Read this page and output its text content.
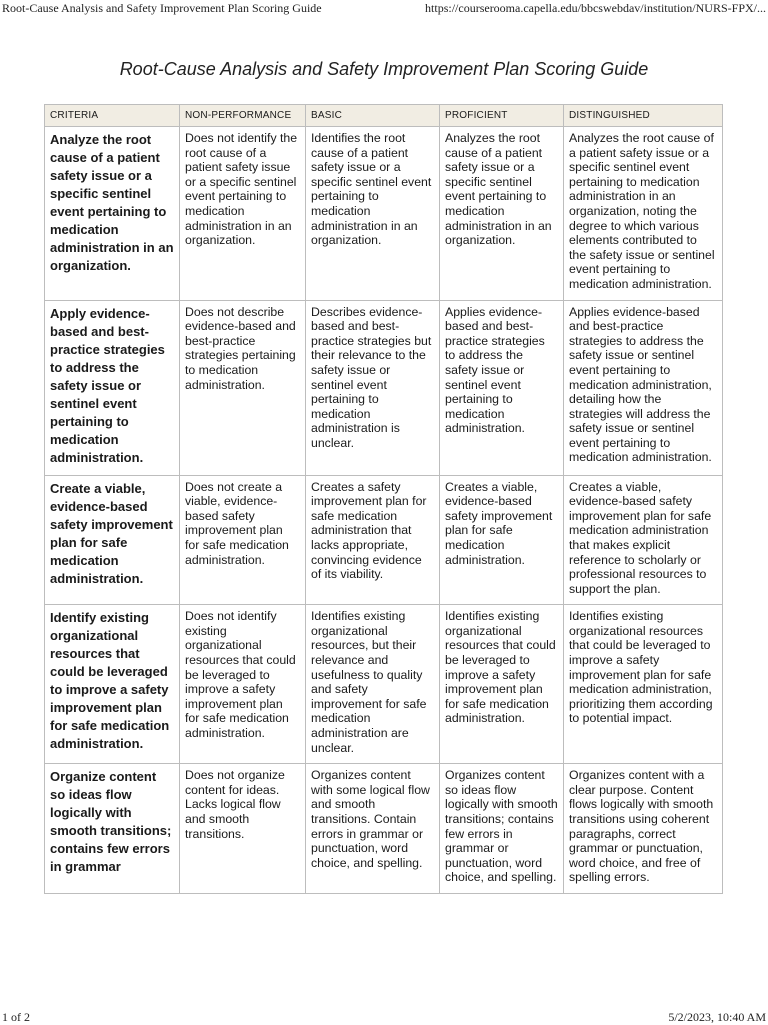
Root-Cause Analysis and Safety Improvement Plan Scoring Guide	https://courserooma.capella.edu/bbcswebdav/institution/NURS-FPX/...
Root-Cause Analysis and Safety Improvement Plan Scoring Guide
CRITERIA	NON-PERFORMANCE	BASIC	PROFICIENT	DISTINGUISHED
Analyze the root cause of a patient safety issue or a specific sentinel event pertaining to medication administration in an organization.	Does not identify the root cause of a patient safety issue or a specific sentinel event pertaining to medication administration in an organization.	Identifies the root cause of a patient safety issue or a specific sentinel event pertaining to medication administration in an organization.	Analyzes the root cause of a patient safety issue or a specific sentinel event pertaining to medication administration in an organization.	Analyzes the root cause of a patient safety issue or a specific sentinel event pertaining to medication administration in an organization, noting the degree to which various elements contributed to the safety issue or sentinel event pertaining to medication administration.
Apply evidence-based and best-practice strategies to address the safety issue or sentinel event pertaining to medication administration.	Does not describe evidence-based and best-practice strategies pertaining to medication administration.	Describes evidence-based and best-practice strategies but their relevance to the safety issue or sentinel event pertaining to medication administration is unclear.	Applies evidence-based and best-practice strategies to address the safety issue or sentinel event pertaining to medication administration.	Applies evidence-based and best-practice strategies to address the safety issue or sentinel event pertaining to medication administration, detailing how the strategies will address the safety issue or sentinel event pertaining to medication administration.
Create a viable, evidence-based safety improvement plan for safe medication administration.	Does not create a viable, evidence-based safety improvement plan for safe medication administration.	Creates a safety improvement plan for safe medication administration that lacks appropriate, convincing evidence of its viability.	Creates a viable, evidence-based safety improvement plan for safe medication administration.	Creates a viable, evidence-based safety improvement plan for safe medication administration that makes explicit reference to scholarly or professional resources to support the plan.
Identify existing organizational resources that could be leveraged to improve a safety improvement plan for safe medication administration.	Does not identify existing organizational resources that could be leveraged to improve a safety improvement plan for safe medication administration.	Identifies existing organizational resources, but their relevance and usefulness to quality and safety improvement for safe medication administration are unclear.	Identifies existing organizational resources that could be leveraged to improve a safety improvement plan for safe medication administration.	Identifies existing organizational resources that could be leveraged to improve a safety improvement plan for safe medication administration, prioritizing them according to potential impact.
Organize content so ideas flow logically with smooth transitions; contains few errors in grammar	Does not organize content for ideas. Lacks logical flow and smooth transitions.	Organizes content with some logical flow and smooth transitions. Contain errors in grammar or punctuation, word choice, and spelling.	Organizes content so ideas flow logically with smooth transitions; contains few errors in grammar or punctuation, word choice, and spelling.	Organizes content with a clear purpose. Content flows logically with smooth transitions using coherent paragraphs, correct grammar or punctuation, word choice, and free of spelling errors.
1 of 2	5/2/2023, 10:40 AM
